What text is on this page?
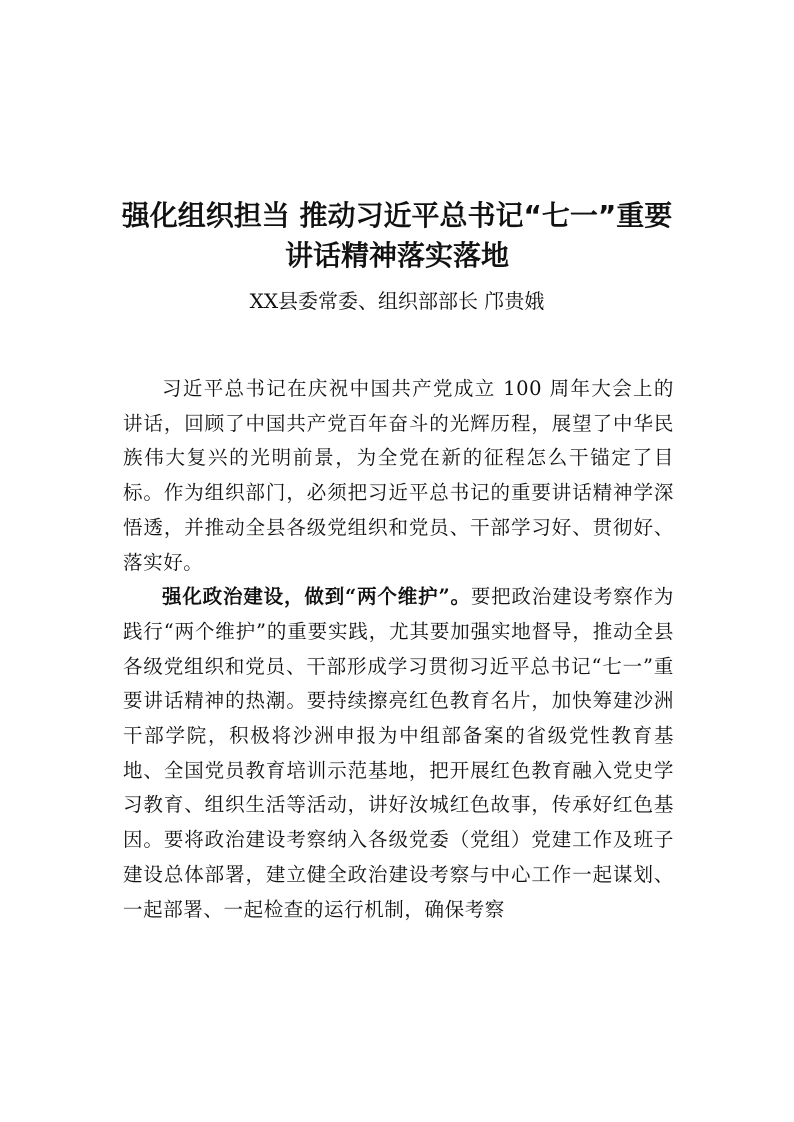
强化组织担当 推动习近平总书记“七一”重要讲话精神落实落地
XX县委常委、组织部部长 邝贵娥

习近平总书记在庆祝中国共产党成立 100 周年大会上的讲话，回顾了中国共产党百年奋斗的光辉历程，展望了中华民族伟大复兴的光明前景，为全党在新的征程怎么干锚定了目标。作为组织部门，必须把习近平总书记的重要讲话精神学深悟透，并推动全县各级党组织和党员、干部学习好、贯彻好、落实好。

强化政治建设，做到“两个维护”。要把政治建设考察作为践行“两个维护”的重要实践，尤其要加强实地督导，推动全县各级党组织和党员、干部形成学习贯彻习近平总书记“七一”重要讲话精神的热潮。要持续擦亮红色教育名片，加快筹建沙洲干部学院，积极将沙洲申报为中组部备案的省级党性教育基地、全国党员教育培训示范基地，把开展红色教育融入党史学习教育、组织生活等活动，讲好汝城红色故事，传承好红色基因。要将政治建设考察纳入各级党委（党组）党建工作及班子建设总体部署，建立健全政治建设考察与中心工作一起谋划、一起部署、一起检查的运行机制，确保考察
